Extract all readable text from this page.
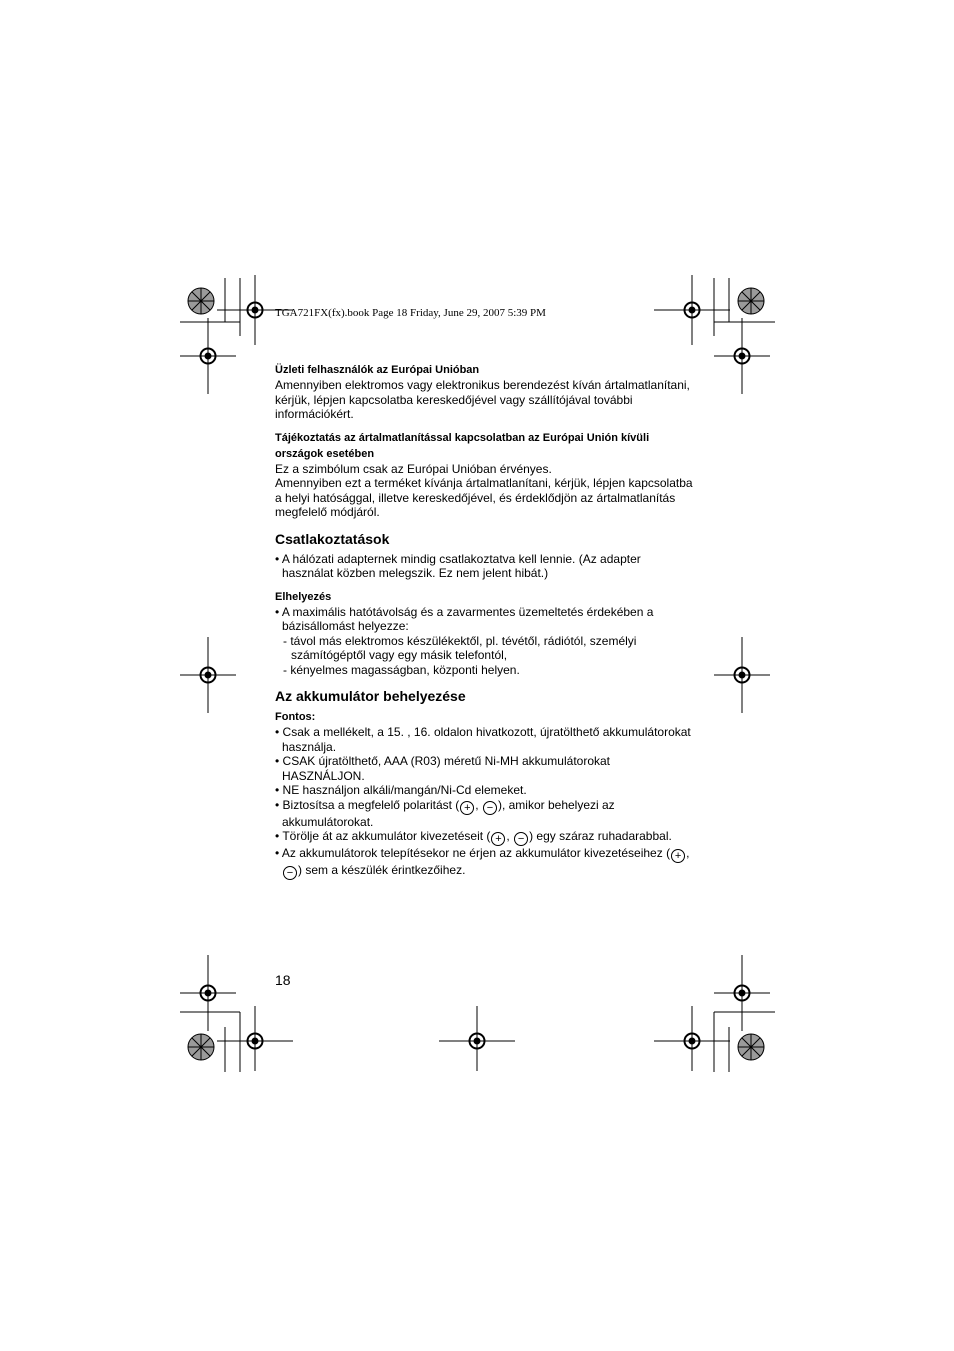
TGA721FX(fx).book Page 18 Friday, June 29, 2007 5:39 PM

Üzleti felhasználók az Európai Unióban

Amennyiben elektromos vagy elektronikus berendezést kíván ártalmatlanítani, kérjük, lépjen kapcsolatba kereskedőjével vagy szállítójával további információkért.

Tájékoztatás az ártalmatlanítással kapcsolatban az Európai Unión kívüli országok esetében

Ez a szimbólum csak az Európai Unióban érvényes.

Amennyiben ezt a terméket kívánja ártalmatlanítani, kérjük, lépjen kapcsolatba a helyi hatósággal, illetve kereskedőjével, és érdeklődjön az ártalmatlanítás megfelelő módjáról.

Csatlakoztatások

• A hálózati adapternek mindig csatlakoztatva kell lennie. (Az adapter használat közben melegszik. Ez nem jelent hibát.)

Elhelyezés

• A maximális hatótávolság és a zavarmentes üzemeltetés érdekében a bázisállomást helyezze:

- távol más elektromos készülékektől, pl. tévétől, rádiótól, személyi számítógéptől vagy egy másik telefontól,

- kényelmes magasságban, központi helyen.

Az akkumulátor behelyezése

Fontos:

• Csak a mellékelt, a 15. , 16. oldalon hivatkozott, újratölthető akkumulátorokat használja.

• CSAK újratölthető, AAA (R03) méretű Ni-MH akkumulátorokat HASZNÁLJON.

• NE használjon alkáli/mangán/Ni-Cd elemeket.

• Biztosítsa a megfelelő polaritást ( + , − ), amikor behelyezi az akkumulátorokat.

• Törölje át az akkumulátor kivezetéseit ( + , − ) egy száraz ruhadarabbal.

• Az akkumulátorok telepítésekor ne érjen az akkumulátor kivezetéseihez ( + , − ) sem a készülék érintkezőihez.

18
